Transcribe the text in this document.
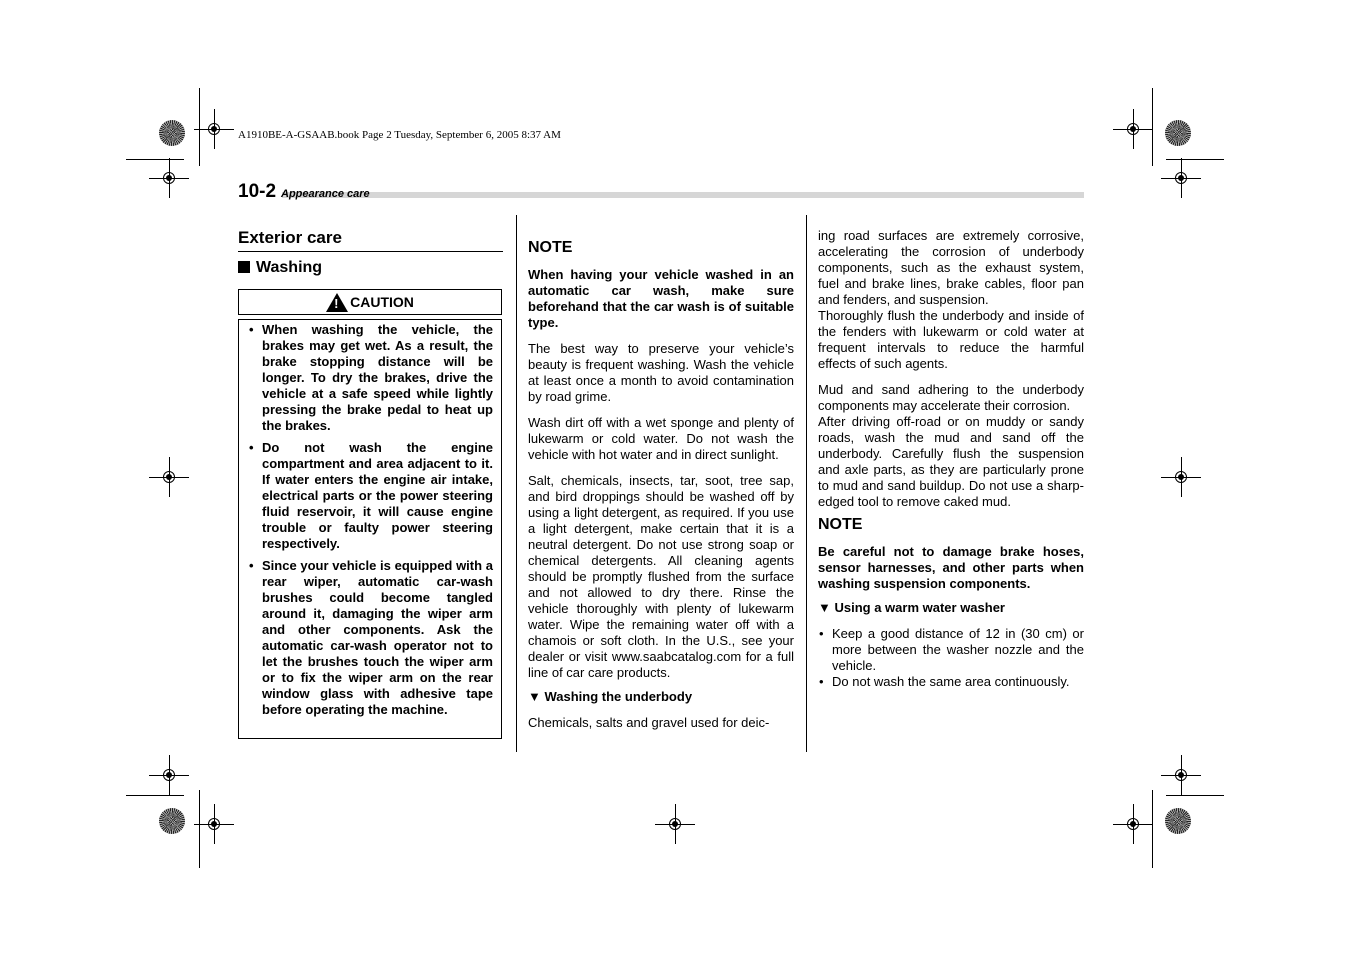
A1910BE-A-GSAAB.book Page 2 Tuesday, September 6, 2005 8:37 AM
10-2 Appearance care
Exterior care
Washing
! CAUTION
• When washing the vehicle, the brakes may get wet. As a result, the brake stopping distance will be longer. To dry the brakes, drive the vehicle at a safe speed while lightly pressing the brake pedal to heat up the brakes.
• Do not wash the engine compartment and area adjacent to it. If water enters the engine air intake, electrical parts or the power steering fluid reservoir, it will cause engine trouble or faulty power steering respectively.
• Since your vehicle is equipped with a rear wiper, automatic car-wash brushes could become tangled around it, damaging the wiper arm and other components. Ask the automatic car-wash operator not to let the brushes touch the wiper arm or to fix the wiper arm on the rear window glass with adhesive tape before operating the machine.

NOTE

When having your vehicle washed in an automatic car wash, make sure beforehand that the car wash is of suitable type.

The best way to preserve your vehicle’s beauty is frequent washing. Wash the vehicle at least once a month to avoid contamination by road grime.

Wash dirt off with a wet sponge and plenty of lukewarm or cold water. Do not wash the vehicle with hot water and in direct sunlight.

Salt, chemicals, insects, tar, soot, tree sap, and bird droppings should be washed off by using a light detergent, as required. If you use a light detergent, make certain that it is a neutral detergent. Do not use strong soap or chemical detergents. All cleaning agents should be promptly flushed from the surface and not allowed to dry there. Rinse the vehicle thoroughly with plenty of lukewarm water. Wipe the remaining water off with a chamois or soft cloth. In the U.S., see your dealer or visit www.saabcatalog.com for a full line of car care products.

▼ Washing the underbody

Chemicals, salts and gravel used for deic-

ing road surfaces are extremely corrosive, accelerating the corrosion of underbody components, such as the exhaust system, fuel and brake lines, brake cables, floor pan and fenders, and suspension.

Thoroughly flush the underbody and inside of the fenders with lukewarm or cold water at frequent intervals to reduce the harmful effects of such agents.

Mud and sand adhering to the underbody components may accelerate their corrosion.

After driving off-road or on muddy or sandy roads, wash the mud and sand off the underbody. Carefully flush the suspension and axle parts, as they are particularly prone to mud and sand buildup. Do not use a sharp-edged tool to remove caked mud.

NOTE

Be careful not to damage brake hoses, sensor harnesses, and other parts when washing suspension components.

▼ Using a warm water washer

• Keep a good distance of 12 in (30 cm) or more between the washer nozzle and the vehicle.

• Do not wash the same area continuously.
